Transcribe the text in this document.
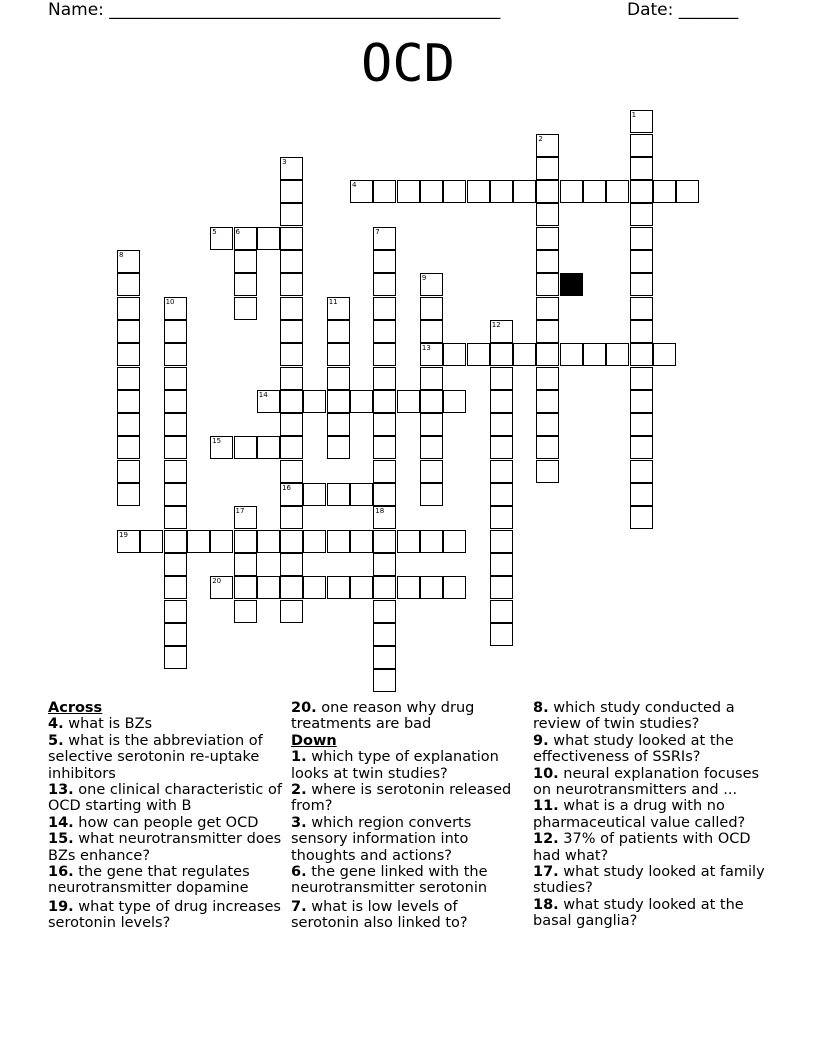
Name: ______________________________________________	Date: _______
OCD
4
5	6
13
14
15
16
19
20
1
2
3
7
18
8
9
10	11
12
17
Across
4. what is BZs
5. what is the abbreviation of selective serotonin re-uptake inhibitors
13. one clinical characteristic of OCD starting with B
14. how can people get OCD
15. what neurotransmitter does BZs enhance?
16. the gene that regulates neurotransmitter dopamine
19. what type of drug increases serotonin levels?
20. one reason why drug treatments are bad
Down
1. which type of explanation looks at twin studies?
2. where is serotonin released from?
3. which region converts sensory information into thoughts and actions?
6. the gene linked with the neurotransmitter serotonin
7. what is low levels of serotonin also linked to?
8. which study conducted a review of twin studies?
9. what study looked at the effectiveness of SSRIs?
10. neural explanation focuses on neurotransmitters and ...
11. what is a drug with no pharmaceutical value called?
12. 37% of patients with OCD had what?
17. what study looked at family studies?
18. what study looked at the basal ganglia?
